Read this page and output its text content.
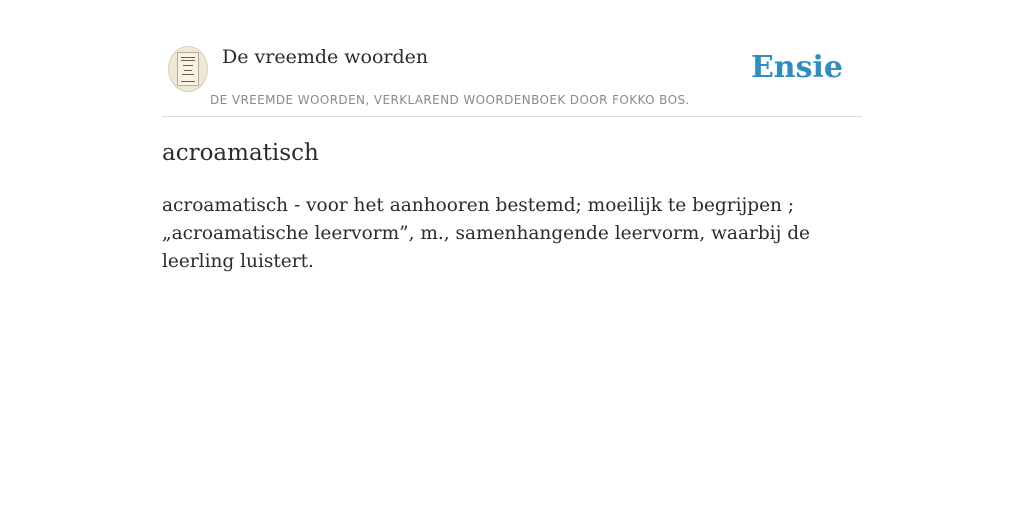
De vreemde woorden
DE VREEMDE WOORDEN, VERKLAREND WOORDENBOEK DOOR FOKKO BOS.
Ensie
acroamatisch

acroamatisch - voor het aanhooren bestemd; moeilijk te begrijpen ; „acroamatische leervorm”, m., samenhangende leervorm, waarbij de leerling luistert.
